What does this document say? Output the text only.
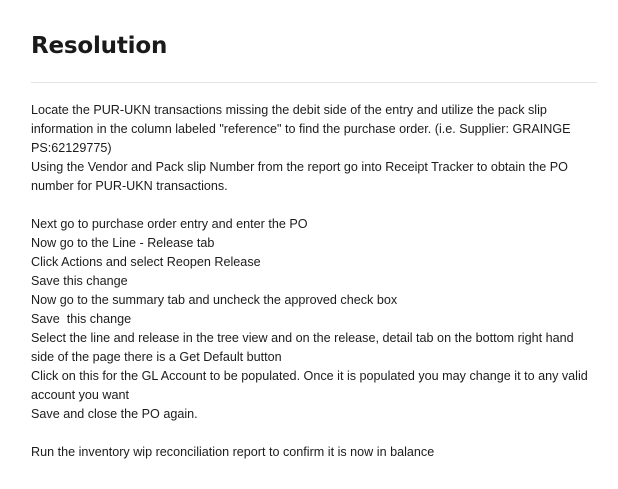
Resolution

Locate the PUR-UKN transactions missing the debit side of the entry and utilize the pack slip information in the column labeled "reference" to find the purchase order. (i.e. Supplier: GRAINGE PS:62129775)

Using the Vendor and Pack slip Number from the report go into Receipt Tracker to obtain the PO number for PUR-UKN transactions.

Next go to purchase order entry and enter the PO

Now go to the Line - Release tab

Click Actions and select Reopen Release

Save this change

Now go to the summary tab and uncheck the approved check box

Save  this change

Select the line and release in the tree view and on the release, detail tab on the bottom right hand side of the page there is a Get Default button

Click on this for the GL Account to be populated. Once it is populated you may change it to any valid account you want

Save and close the PO again.

Run the inventory wip reconciliation report to confirm it is now in balance
